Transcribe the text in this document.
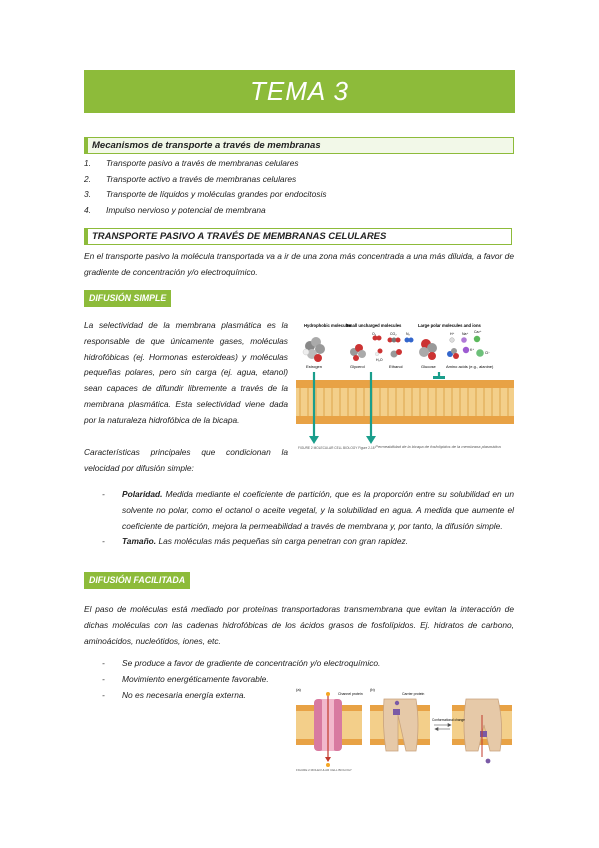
TEMA 3
Mecanismos de transporte a través de membranas
1. Transporte pasivo a través de membranas celulares
2. Transporte activo a través de membranas celulares
3. Transporte de líquidos y moléculas grandes por endocitosis
4. Impulso nervioso y potencial de membrana
TRANSPORTE PASIVO A TRAVÉS DE MEMBRANAS CELULARES
En el transporte pasivo la molécula transportada va a ir de una zona más concentrada a una más diluida, a favor de gradiente de concentración y/o electroquímico.
DIFUSIÓN SIMPLE
La selectividad de la membrana plasmática es la responsable de que únicamente gases, moléculas hidrofóbicas (ej. Hormonas esteroideas) y moléculas pequeñas polares, pero sin carga (ej. agua, etanol) sean capaces de difundir libremente a través de la membrana plasmática. Esta selectividad viene dada por la naturaleza hidrofóbica de la bicapa.
Características principales que condicionan la velocidad por difusión simple:
Hydrophobic molecules
Small uncharged molecules	Large polar molecules and ions
Estrogen	Glycerol	Ethanol	Glucose	Amino acids (e.g., alanine)
O₂	CO₂	N₂
H₂O
H⁺ Na⁺ Ca²⁺
K⁺
Cl⁻
FIGURE 2 MOLECULAR CELL BIOLOGY Figure 2-18 Permeabilidad de la bicapa de fosfolípidos de la membrana plasmática
- Polaridad. Medida mediante el coeficiente de partición, que es la proporción entre su solubilidad en un solvente no polar, como el octanol o aceite vegetal, y la solubilidad en agua. A medida que aumente el coeficiente de partición, mejora la permeabilidad a través de membrana y, por tanto, la difusión simple.
- Tamaño. Las moléculas más pequeñas sin carga penetran con gran rapidez.
DIFUSIÓN FACILITADA
El paso de moléculas está mediado por proteínas transportadoras transmembrana que evitan la interacción de dichas moléculas con las cadenas hidrofóbicas de los ácidos grasos de fosfolípidos. Ej. hidratos de carbono, aminoácidos, nucleótidos, iones, etc.
- Se produce a favor de gradiente de concentración y/o electroquímico.
- Movimiento energéticamente favorable.
- No es necesaria energía externa.
(a)	(b)
Channel protein	Carrier protein
Conformational change
FIGURE 2 MOLECULAR CELL BIOLOGY
